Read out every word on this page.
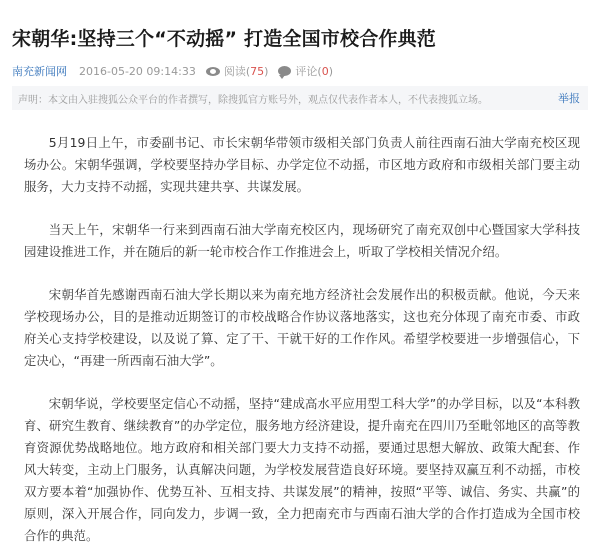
宋朝华:坚持三个“不动摇” 打造全国市校合作典范
南充新闻网 2016-05-20 09:14:33	阅读 ( 75 ) 评论 ( 0 )
声明：本文由入驻搜狐公众平台的作者撰写，除搜狐官方账号外，观点仅代表作者本人，不代表搜狐立场。	举报

5月19日上午，市委副书记、市长宋朝华带领市级相关部门负责人前往西南石油大学南充校区现场办公。宋朝华强调，学校要坚持办学目标、办学定位不动摇，市区地方政府和市级相关部门要主动服务，大力支持不动摇，实现共建共享、共谋发展。

当天上午，宋朝华一行来到西南石油大学南充校区内，现场研究了南充双创中心暨国家大学科技园建设推进工作，并在随后的新一轮市校合作工作推进会上，听取了学校相关情况介绍。

宋朝华首先感谢西南石油大学长期以来为南充地方经济社会发展作出的积极贡献。他说，今天来学校现场办公，目的是推动近期签订的市校战略合作协议落地落实，这也充分体现了南充市委、市政府关心支持学校建设，以及说了算、定了干、干就干好的工作作风。希望学校要进一步增强信心，下定决心，“再建一所西南石油大学”。

宋朝华说，学校要坚定信心不动摇，坚持“建成高水平应用型工科大学”的办学目标，以及“本科教育、研究生教育、继续教育”的办学定位，服务地方经济建设，提升南充在四川乃至毗邻地区的高等教育资源优势战略地位。地方政府和相关部门要大力支持不动摇，要通过思想大解放、政策大配套、作风大转变，主动上门服务，认真解决问题，为学校发展营造良好环境。要坚持双赢互利不动摇，市校双方要本着“加强协作、优势互补、互相支持、共谋发展”的精神，按照“平等、诚信、务实、共赢”的原则，深入开展合作，同向发力，步调一致，全力把南充市与西南石油大学的合作打造成为全国市校合作的典范。
